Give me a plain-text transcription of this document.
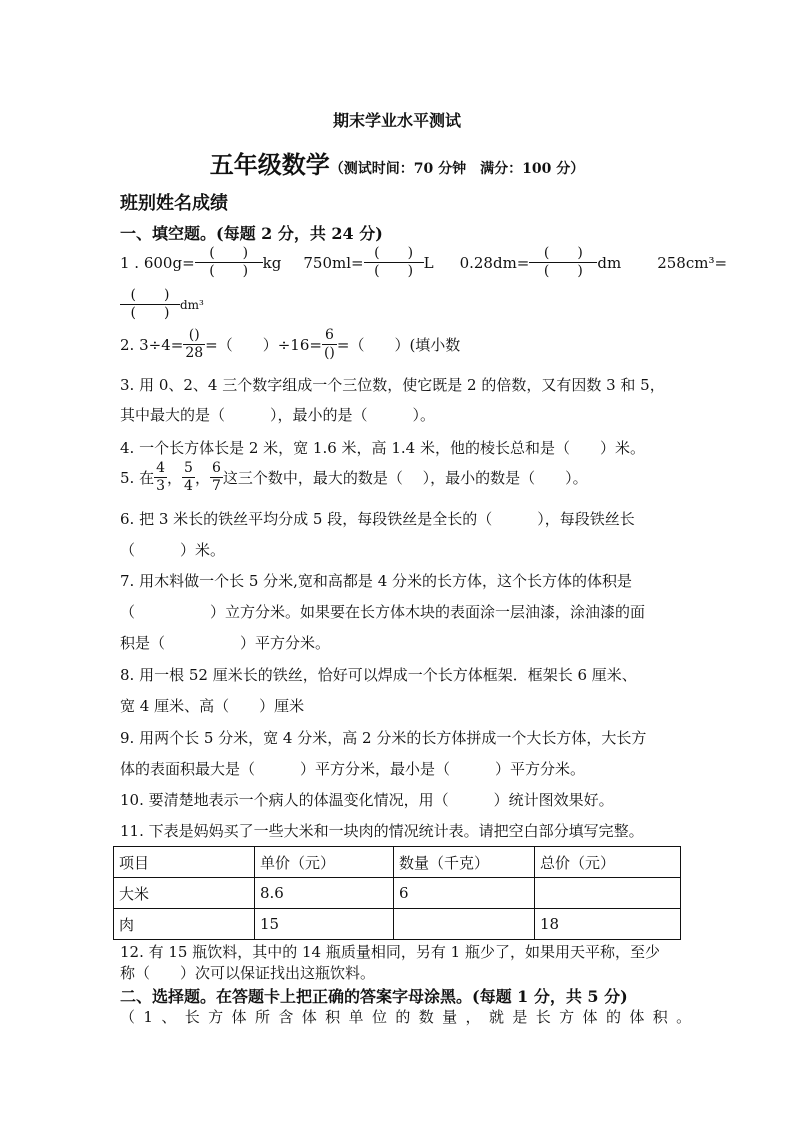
期末学业水平测试
五年级数学（测试时间：70 分钟　满分：100 分）
班别姓名成绩
一、填空题。(每题 2 分，共 24 分)
1 . $600g= \frac{( )}{( )}$ kg $750ml= \frac{( )}{( )}$ L $0.28dm= \frac{( )}{( )}$ dm 258cm³=
$\frac{( )}{( )} dm^3$
2. $3\div 4= \frac{()}{28}$ =（　　）$\div 16= \frac{6}{()}$ =（　　）(填小数
3. 用 0、2、4 三个数字组成一个三位数，使它既是 2 的倍数，又有因数 3 和 5，
其中最大的是（　　　），最小的是（　　　）。
4. 一个长方体长是 2 米，宽 1.6 米，高 1.4 米，他的棱长总和是（　　）米。
5. 在 $\frac{4}{3}$ ， $\frac{5}{4}$ ， $\frac{6}{7}$ 这三个数中，最大的数是（　 ），最小的数是（　　）。
6. 把 3 米长的铁丝平均分成 5 段，每段铁丝是全长的（　　　），每段铁丝长
（　　　）米。
7. 用木料做一个长 5 分米,宽和高都是 4 分米的长方体，这个长方体的体积是
（　　　　　）立方分米。如果要在长方体木块的表面涂一层油漆，涂油漆的面
积是（　　　　　）平方分米。
8. 用一根 52 厘米长的铁丝，恰好可以焊成一个长方体框架．框架长 6 厘米、
宽 4 厘米、高（　　）厘米
9. 用两个长 5 分米，宽 4 分米，高 2 分米的长方体拼成一个大长方体，大长方
体的表面积最大是（　　　）平方分米，最小是（　　　）平方分米。
10. 要清楚地表示一个病人的体温变化情况，用（　　　）统计图效果好。
11. 下表是妈妈买了一些大米和一块肉的情况统计表。请把空白部分填写完整。
项目	单价（元）	数量（千克）	总价（元）
大米	8.6	6	
肉	15		18
12. 有 15 瓶饮料，其中的 14 瓶质量相同，另有 1 瓶少了，如果用天平称，至少
称（　　）次可以保证找出这瓶饮料。
二、选择题。在答题卡上把正确的答案字母涂黑。(每题 1 分，共 5 分)
（1、长方体所含体积单位的数量，就是长方体的体积。
